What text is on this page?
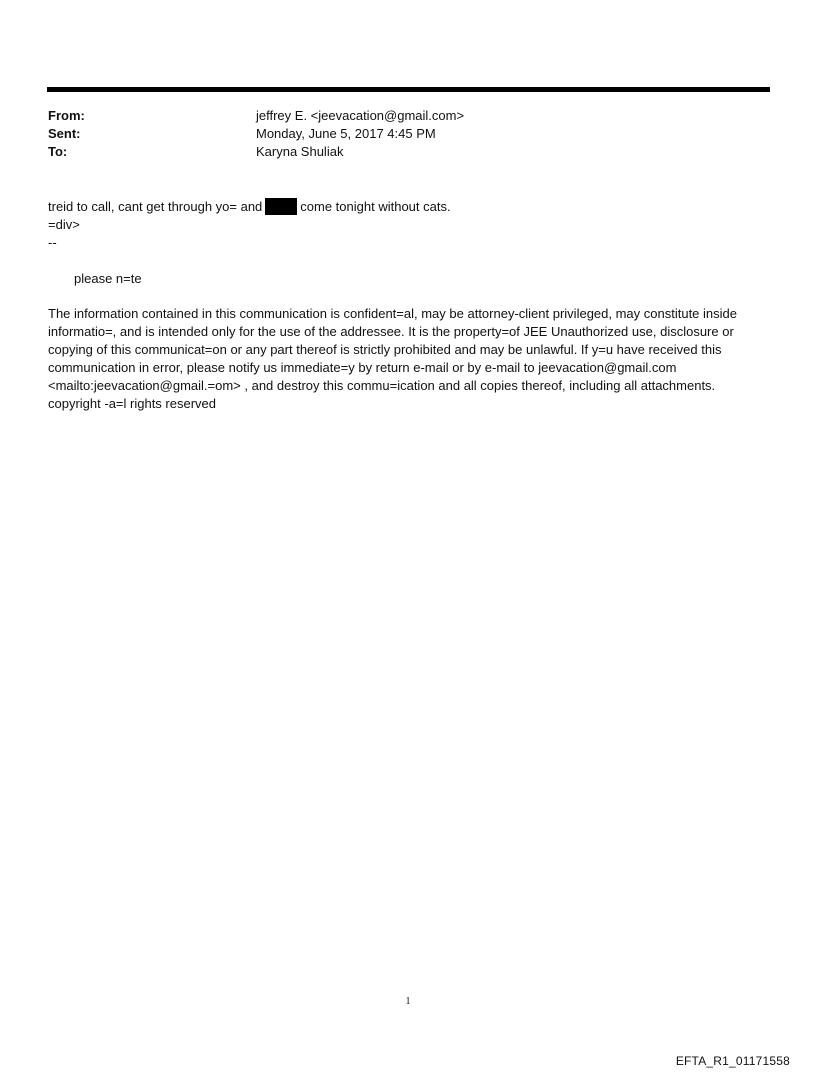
From:	jeffrey E. <jeevacation@gmail.com>
Sent:	Monday, June 5, 2017 4:45 PM
To:	Karyna Shuliak
treid to call, cant get through yo= and	come tonight without cats.
=div>
--
please n=te
The information contained in this communication is confident=al, may be attorney-client privileged, may constitute inside informatio=, and is intended only for the use of the addressee. It is the property=of JEE Unauthorized use, disclosure or copying of this communicat=on or any part thereof is strictly prohibited and may be unlawful. If y=u have received this communication in error, please notify us immediate=y by return e-mail or by e-mail to jeevacation@gmail.com <mailto:jeevacation@gmail.=om> , and destroy this commu=ication and all copies thereof, including all attachments. copyright -a=l rights reserved
1
EFTA_R1_01171558
